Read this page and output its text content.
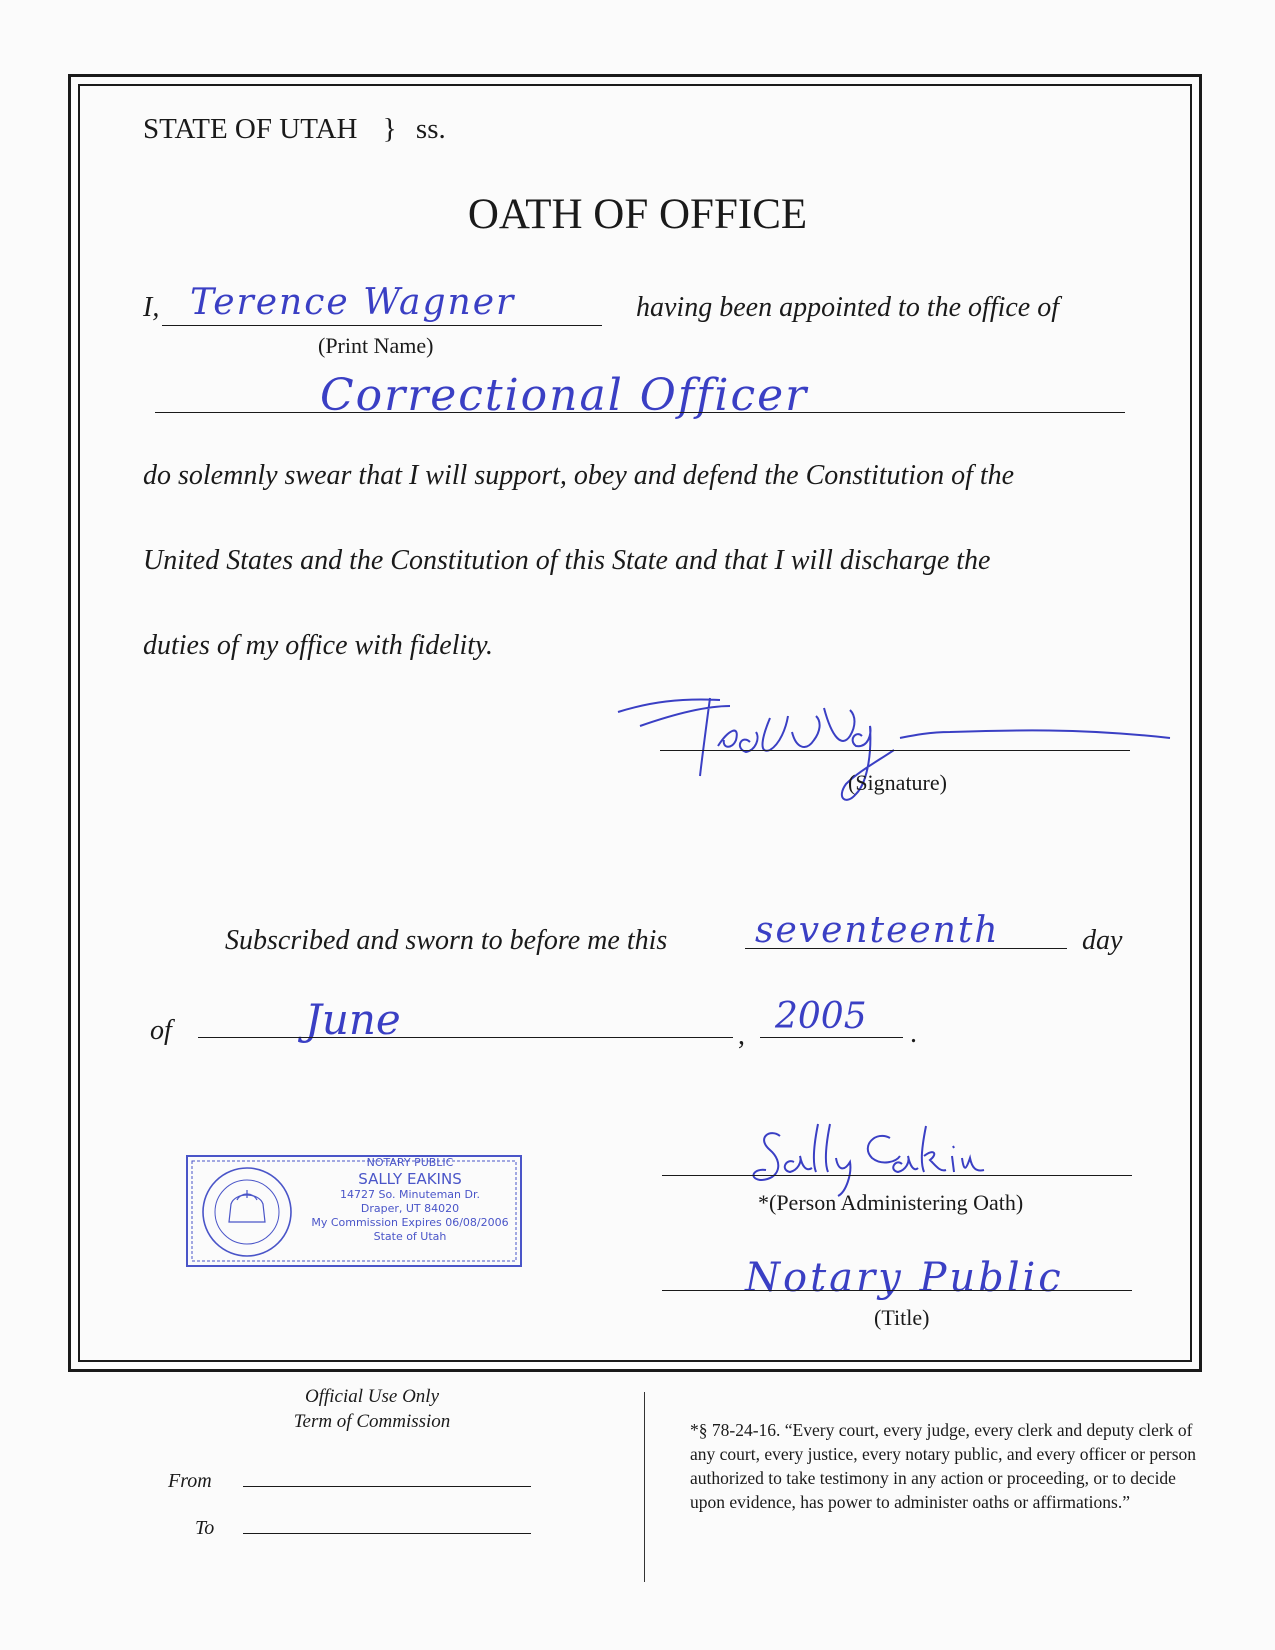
STATE OF UTAH } ss.
OATH OF OFFICE
I, Terence Wagner
(Print Name)
having been appointed to the office of
Correctional Officer
do solemnly swear that I will support, obey and defend the Constitution of the
United States and the Constitution of this State and that I will discharge the
duties of my office with fidelity.
(Signature)
Subscribed and sworn to before me this seventeenth	day
of	June	, 2005 .
NOTARY PUBLIC
SALLY EAKINS
14727 So. Minuteman Dr.
Draper, UT 84020
My Commission Expires 06/08/2006
State of Utah
*(Person Administering Oath)
Notary Public
(Title)
Official Use Only
Term of Commission
From
To
*§ 78-24-16. “Every court, every judge, every clerk and deputy clerk of any court, every justice, every notary public, and every officer or person authorized to take testimony in any action or proceeding, or to decide upon evidence, has power to administer oaths or affirmations.”
